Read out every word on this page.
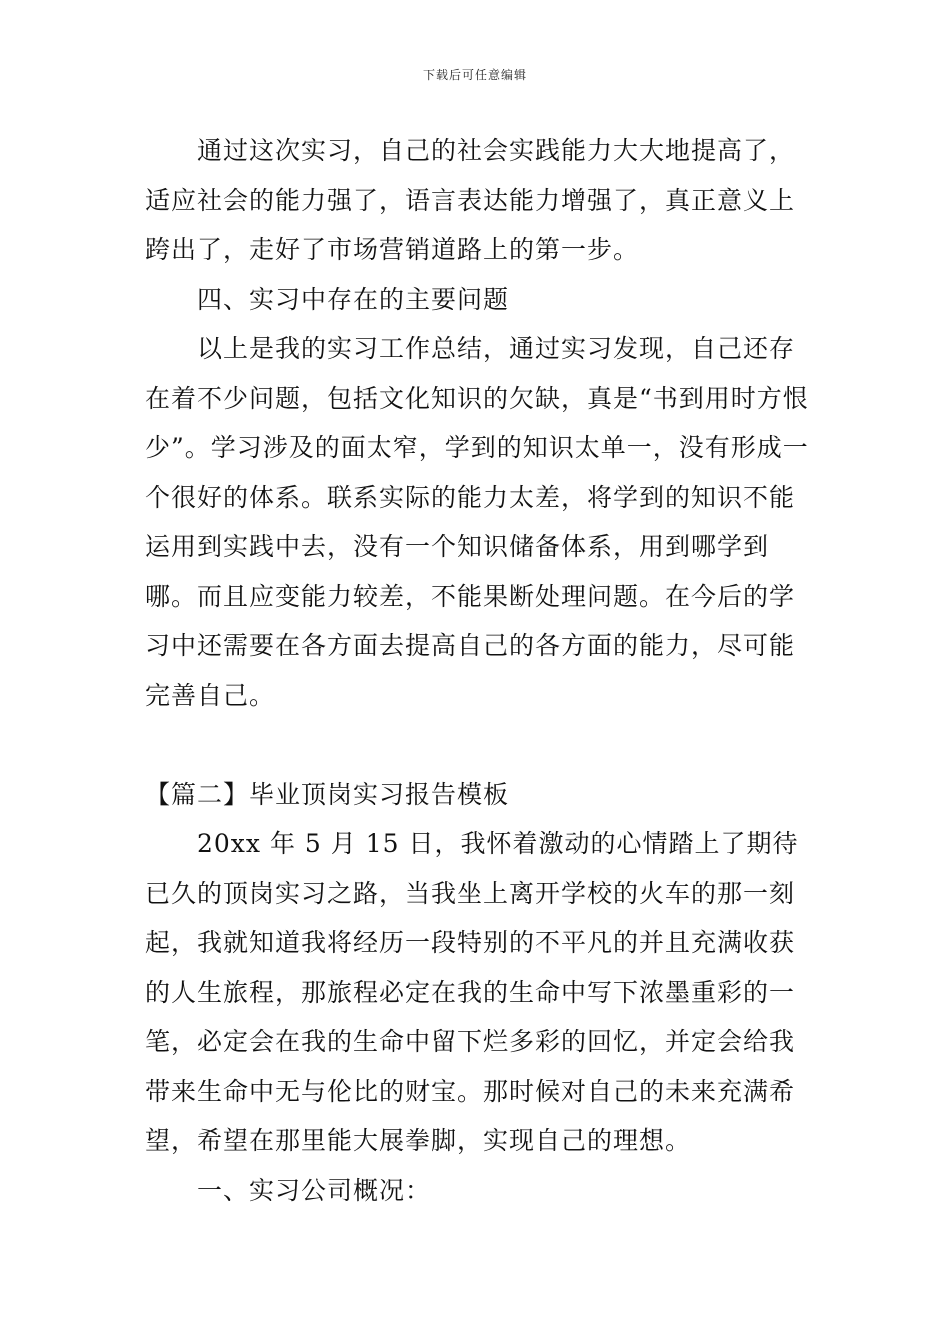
下载后可任意编辑

通过这次实习，自己的社会实践能力大大地提高了，适应社会的能力强了，语言表达能力增强了，真正意义上跨出了，走好了市场营销道路上的第一步。

四、实习中存在的主要问题

以上是我的实习工作总结，通过实习发现，自己还存在着不少问题，包括文化知识的欠缺，真是“书到用时方恨少”。学习涉及的面太窄，学到的知识太单一，没有形成一个很好的体系。联系实际的能力太差，将学到的知识不能运用到实践中去，没有一个知识储备体系，用到哪学到哪。而且应变能力较差，不能果断处理问题。在今后的学习中还需要在各方面去提高自己的各方面的能力，尽可能完善自己。

【篇二】毕业顶岗实习报告模板

20xx 年 5 月 15 日，我怀着激动的心情踏上了期待已久的顶岗实习之路，当我坐上离开学校的火车的那一刻起，我就知道我将经历一段特别的不平凡的并且充满收获的人生旅程，那旅程必定在我的生命中写下浓墨重彩的一笔，必定会在我的生命中留下烂多彩的回忆，并定会给我带来生命中无与伦比的财宝。那时候对自己的未来充满希望，希望在那里能大展拳脚，实现自己的理想。

一、实习公司概况：
